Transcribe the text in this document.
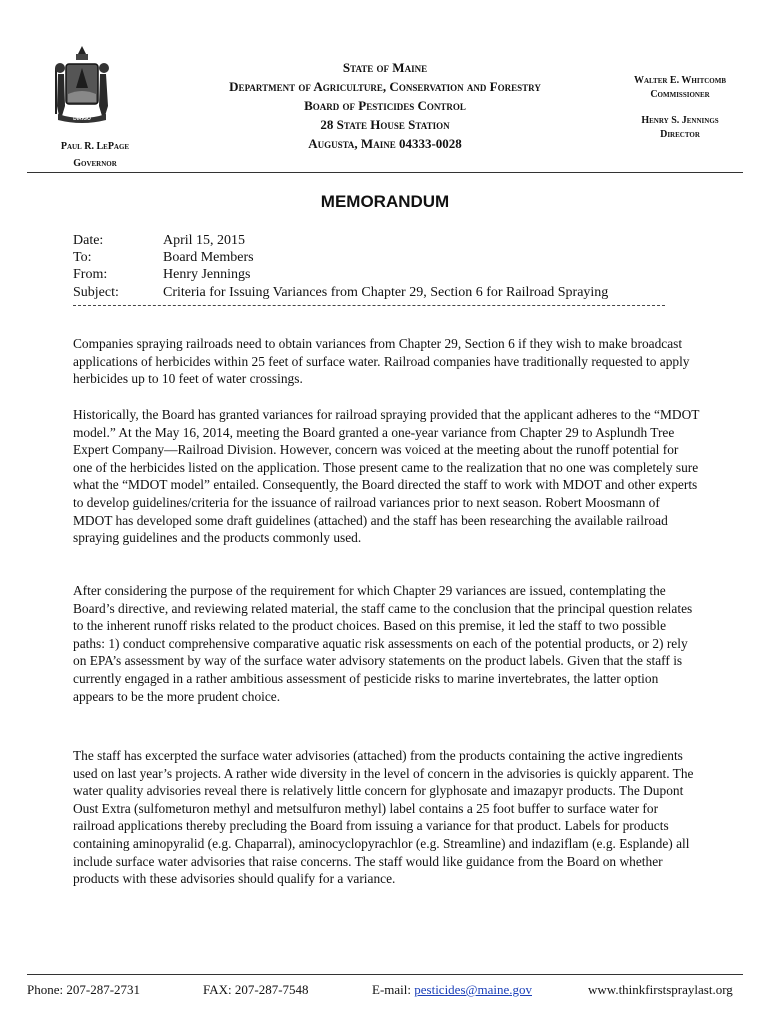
DIRIGO
Paul R. LePage
Governor
State of Maine
Department of Agriculture, Conservation and Forestry
Board of Pesticides Control
28 State House Station
Augusta, Maine 04333-0028
Walter E. Whitcomb
Commissioner
Henry S. Jennings
Director
MEMORANDUM
Date:	April 15, 2015
To:	Board Members
From:	Henry Jennings
Subject:	Criteria for Issuing Variances from Chapter 29, Section 6 for Railroad Spraying
Companies spraying railroads need to obtain variances from Chapter 29, Section 6 if they wish to make broadcast applications of herbicides within 25 feet of surface water. Railroad companies have traditionally requested to apply herbicides up to 10 feet of water crossings.
Historically, the Board has granted variances for railroad spraying provided that the applicant adheres to the “MDOT model.” At the May 16, 2014, meeting the Board granted a one-year variance from Chapter 29 to Asplundh Tree Expert Company—Railroad Division. However, concern was voiced at the meeting about the runoff potential for one of the herbicides listed on the application. Those present came to the realization that no one was completely sure what the “MDOT model” entailed. Consequently, the Board directed the staff to work with MDOT and other experts to develop guidelines/criteria for the issuance of railroad variances prior to next season. Robert Moosmann of MDOT has developed some draft guidelines (attached) and the staff has been researching the available railroad spraying guidelines and the products commonly used.
After considering the purpose of the requirement for which Chapter 29 variances are issued, contemplating the Board’s directive, and reviewing related material, the staff came to the conclusion that the principal question relates to the inherent runoff risks related to the product choices. Based on this premise, it led the staff to two possible paths: 1) conduct comprehensive comparative aquatic risk assessments on each of the potential products, or 2) rely on EPA’s assessment by way of the surface water advisory statements on the product labels. Given that the staff is currently engaged in a rather ambitious assessment of pesticide risks to marine invertebrates, the latter option appears to be the more prudent choice.
The staff has excerpted the surface water advisories (attached) from the products containing the active ingredients used on last year’s projects. A rather wide diversity in the level of concern in the advisories is quickly apparent. The water quality advisories reveal there is relatively little concern for glyphosate and imazapyr products. The Dupont Oust Extra (sulfometuron methyl and metsulfuron methyl) label contains a 25 foot buffer to surface water for railroad applications thereby precluding the Board from issuing a variance for that product. Labels for products containing aminopyralid (e.g. Chaparral), aminocyclopyrachlor (e.g. Streamline) and indaziflam (e.g. Esplande) all include surface water advisories that raise concerns. The staff would like guidance from the Board on whether products with these advisories should qualify for a variance.
Phone: 207-287-2731	FAX: 207-287-7548	E-mail: pesticides@maine.gov	www.thinkfirstspraylast.org
